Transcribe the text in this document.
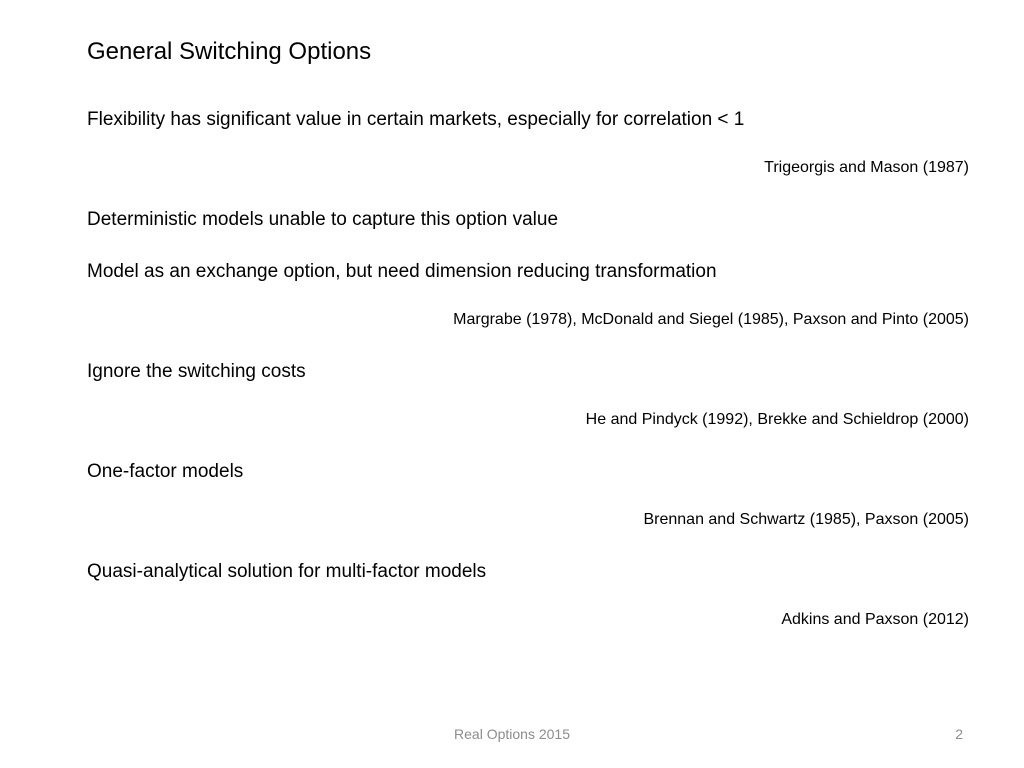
General Switching Options
Flexibility has significant value in certain markets, especially for correlation < 1
Trigeorgis and Mason (1987)
Deterministic models unable to capture this option value
Model as an exchange option, but need dimension reducing transformation
Margrabe (1978), McDonald and Siegel (1985), Paxson and Pinto (2005)
Ignore the switching costs
He and Pindyck (1992), Brekke and Schieldrop (2000)
One-factor models
Brennan and Schwartz (1985), Paxson (2005)
Quasi-analytical solution for multi-factor models
Adkins and Paxson (2012)
Real Options 2015	2
